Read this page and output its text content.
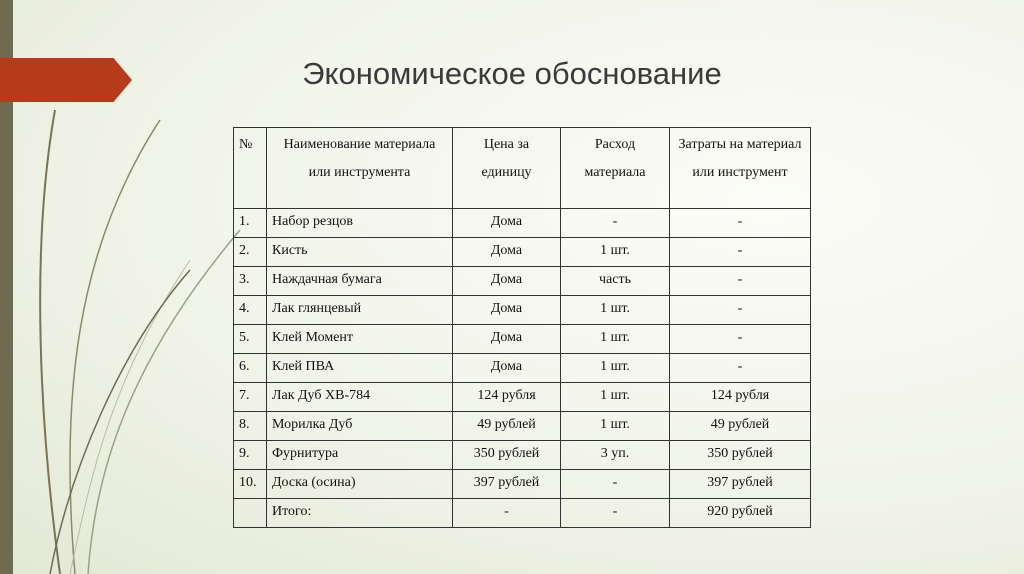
Экономическое обоснование
№	Наименование материала или инструмента	Цена за единицу	Расход материала	Затраты на материал или инструмент
1.	Набор резцов	Дома	-	-
2.	Кисть	Дома	1 шт.	-
3.	Наждачная бумага	Дома	часть	-
4.	Лак глянцевый	Дома	1 шт.	-
5.	Клей Момент	Дома	1 шт.	-
6.	Клей ПВА	Дома	1 шт.	-
7.	Лак Дуб ХВ-784	124 рубля	1 шт.	124 рубля
8.	Морилка Дуб	49 рублей	1 шт.	49 рублей
9.	Фурнитура	350 рублей	3 уп.	350 рублей
10.	Доска (осина)	397 рублей	-	397 рублей
	Итого:	-	-	920 рублей
